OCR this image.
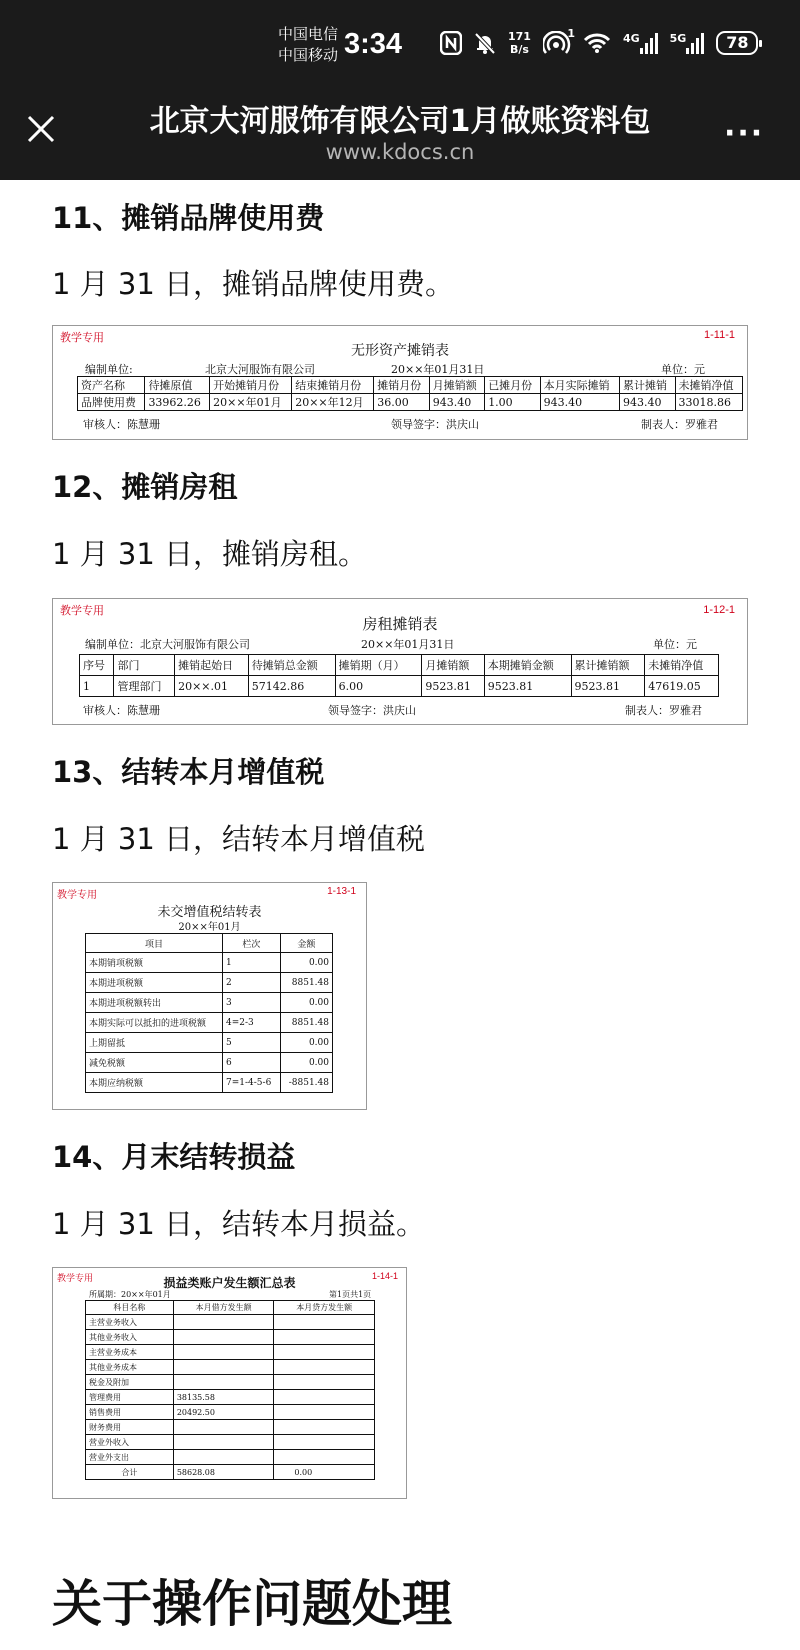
中国电信
中国移动 3:34	171
B/s
1	4G	5G 78
北京大河服饰有限公司1月做账资料包
www.kdocs.cn
···
11、摊销品牌使用费
1 月 31 日，摊销品牌使用费。
教学专用	1-11-1
无形资产摊销表
编制单位:	北京大河服饰有限公司	20××年01月31日	单位：元
资产名称	待摊原值	开始摊销月份	结束摊销月份	摊销月份	月摊销额	已摊月份	本月实际摊销	累计摊销	未摊销净值
品牌使用费	33962.26	20××年01月	20××年12月	36.00	943.40	1.00	943.40	943.40	33018.86
审核人：陈慧珊	领导签字：洪庆山	制表人：罗雅君
12、摊销房租
1 月 31 日，摊销房租。
教学专用	1-12-1
房租摊销表
编制单位：北京大河服饰有限公司	20××年01月31日	单位：元
序号	部门	摊销起始日	待摊销总金额	摊销期（月）	月摊销额	本期摊销金额	累计摊销额	未摊销净值
1	管理部门	20××.01	57142.86	6.00	9523.81	9523.81	9523.81	47619.05
审核人：陈慧珊	领导签字：洪庆山	制表人：罗雅君
13、结转本月增值税
1 月 31 日，结转本月增值税
教学专用	1-13-1
未交增值税结转表
20××年01月
项目	栏次	金额
本期销项税额	1	0.00
本期进项税额	2	8851.48
本期进项税额转出	3	0.00
本期实际可以抵扣的进项税额	4=2-3	8851.48
上期留抵	5	0.00
减免税额	6	0.00
本期应纳税额	7=1-4-5-6	-8851.48
14、月末结转损益
1 月 31 日，结转本月损益。
教学专用	1-14-1
损益类账户发生额汇总表
所属期：20××年01月	第1页共1页
科目名称	本月借方发生额	本月贷方发生额
主营业务收入		
其他业务收入		
主营业务成本		
其他业务成本		
税金及附加		
管理费用	38135.58	
销售费用	20492.50	
财务费用		
营业外收入		
营业外支出		
合计	58628.08	0.00
关于操作问题处理
